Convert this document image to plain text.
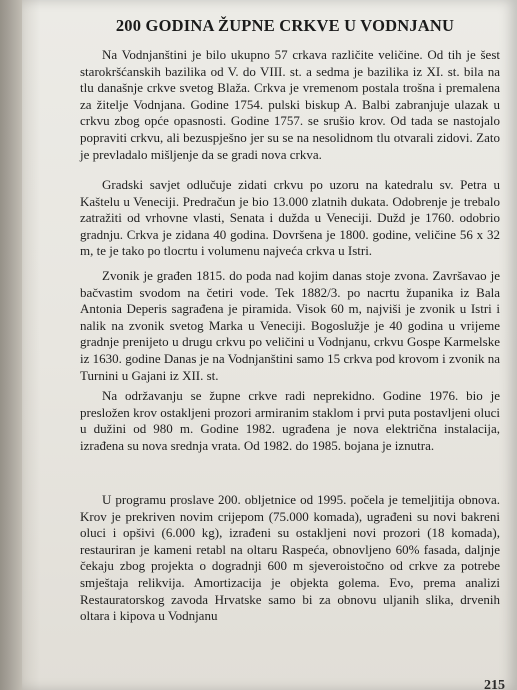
200 GODINA ŽUPNE CRKVE U VODNJANU

Na Vodnjanštini je bilo ukupno 57 crkava različite veličine. Od tih je šest starokršćanskih bazilika od V. do VIII. st. a sedma je bazilika iz XI. st. bila na tlu današnje crkve svetog Blaža. Crkva je vremenom postala trošna i premalena za žitelje Vodnjana. Godine 1754. pulski biskup A. Balbi zabranjuje ulazak u crkvu zbog opće opasnosti. Godine 1757. se srušio krov. Od tada se nastojalo popraviti crkvu, ali bezuspješno jer su se na nesolidnom tlu otvarali zidovi. Zato je prevladalo mišljenje da se gradi nova crkva.

Gradski savjet odlučuje zidati crkvu po uzoru na katedralu sv. Petra u Kaštelu u Veneciji. Predračun je bio 13.000 zlatnih dukata. Odobrenje je trebalo zatražiti od vrhovne vlasti, Senata i dužda u Veneciji. Dužd je 1760. odobrio gradnju. Crkva je zidana 40 godina. Dovršena je 1800. godine, veličine 56 x 32 m, te je tako po tlocrtu i volumenu najveća crkva u Istri.

Zvonik je građen 1815. do poda nad kojim danas stoje zvona. Završavao je bačvastim svodom na četiri vode. Tek 1882/3. po nacrtu županika iz Bala Antonia Deperis sagrađena je piramida. Visok 60 m, najviši je zvonik u Istri i nalik na zvonik svetog Marka u Veneciji. Bogoslužje je 40 godina u vrijeme gradnje prenijeto u drugu crkvu po veličini u Vodnjanu, crkvu Gospe Karmelske iz 1630. godine Danas je na Vodnjanštini samo 15 crkva pod krovom i zvonik na Turnini u Gajani iz XII. st.

Na održavanju se župne crkve radi neprekidno. Godine 1976. bio je presložen krov ostakljeni prozori armiranim staklom i prvi puta postavljeni oluci u dužini od 980 m. Godine 1982. ugrađena je nova električna instalacija, izrađena su nova srednja vrata. Od 1982. do 1985. bojana je iznutra.

U programu proslave 200. obljetnice od 1995. počela je temeljitija obnova. Krov je prekriven novim crijepom (75.000 komada), ugrađeni su novi bakreni oluci i opšivi (6.000 kg), izrađeni su ostakljeni novi prozori (18 komada), restauriran je kameni retabl na oltaru Raspeća, obnovljeno 60% fasada, daljnje čekaju zbog projekta o dogradnji 600 m sjeveroistočno od crkve za potrebe smještaja relikvija. Amortizacija je objekta golema. Evo, prema analizi Restauratorskog zavoda Hrvatske samo bi za obnovu uljanih slika, drvenih oltara i kipova u Vodnjanu

215
